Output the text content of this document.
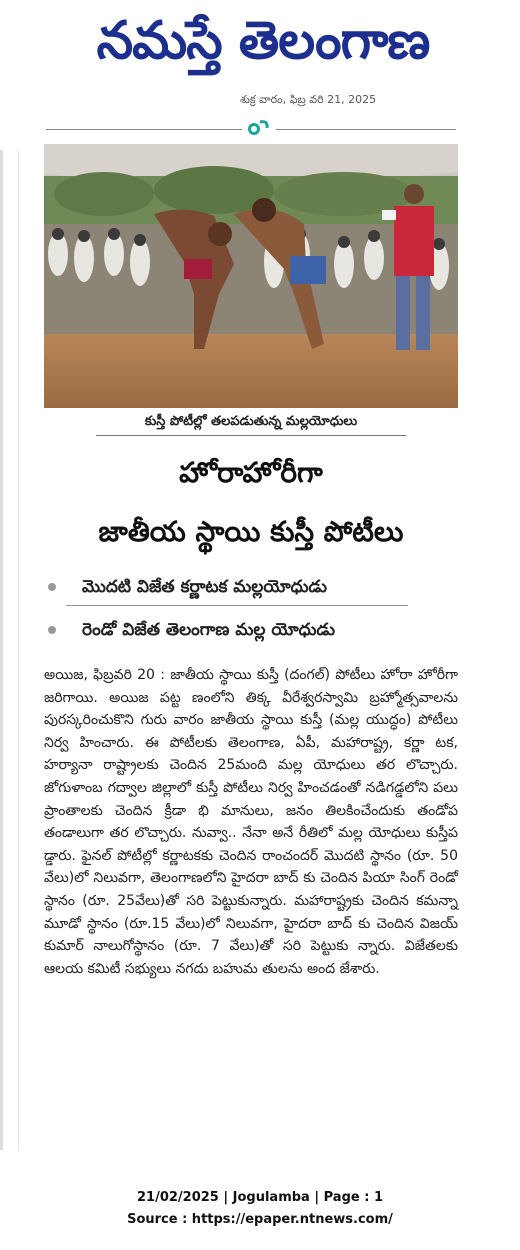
నమస్తే తెలంగాణ
శుక్ర వారం, ఫిబ్ర వరి 21, 2025
కుస్తీ పోటీల్లో తలపడుతున్న మల్లయోధులు
హోరాహోరీగా
జాతీయ స్థాయి కుస్తీ పోటీలు
మొదటి విజేత కర్ణాటక మల్లయోధుడు
రెండో విజేత తెలంగాణ మల్ల యోధుడు

అయిజ, ఫిబ్రవరి 20 : జాతీయ స్థాయి కుస్తీ (దంగల్) పోటీలు హోరా హోరీగా జరిగాయి. అయిజ పట్ట ణంలోని తిక్క వీరేశ్వరస్వామి బ్రహ్మోత్సవాలను పురస్కరించుకొని గురు వారం జాతీయ స్థాయి కుస్తీ (మల్ల యుద్ధం) పోటీలు నిర్వ హించారు. ఈ పోటీలకు తెలంగాణ, ఏపీ, మహారాష్ట్ర, కర్ణా టక, హర్యానా రాష్ట్రాలకు చెందిన 25మంది మల్ల యోధులు తర లొచ్చారు. జోగుళాంబ గద్వాల జిల్లాలో కుస్తీ పోటీలు నిర్వ హించడంతో నడిగడ్డలోని పలు ప్రాంతాలకు చెందిన క్రీడా భి మానులు, జనం తిలకించేందుకు తండోప తండాలుగా తర లొచ్చారు. నువ్వా.. నేనా అనే రీతిలో మల్ల యోధులు కుస్తీప డ్డారు. ఫైనల్ పోటీల్లో కర్ణాటకకు చెందిన రాంచందర్ మొదటి స్థానం (రూ. 50 వేలు)లో నిలువగా, తెలంగాణలోని హైదరా బాద్ కు చెందిన పియా సింగ్ రెండో స్థానం (రూ. 25వేలు)తో సరి పెట్టుకున్నారు. మహారాష్ట్రకు చెందిన కమన్నా మూడో స్థానం (రూ.15 వేలు)లో నిలువగా, హైదరా బాద్ కు చెందిన విజయ్ కుమార్ నాలుగోస్థానం (రూ. 7 వేలు)తో సరి పెట్టుకు న్నారు. విజేతలకు ఆలయ కమిటీ సభ్యులు నగదు బహుమ తులను అంద జేశారు.

21/02/2025 | Jogulamba | Page : 1
Source : https://epaper.ntnews.com/
